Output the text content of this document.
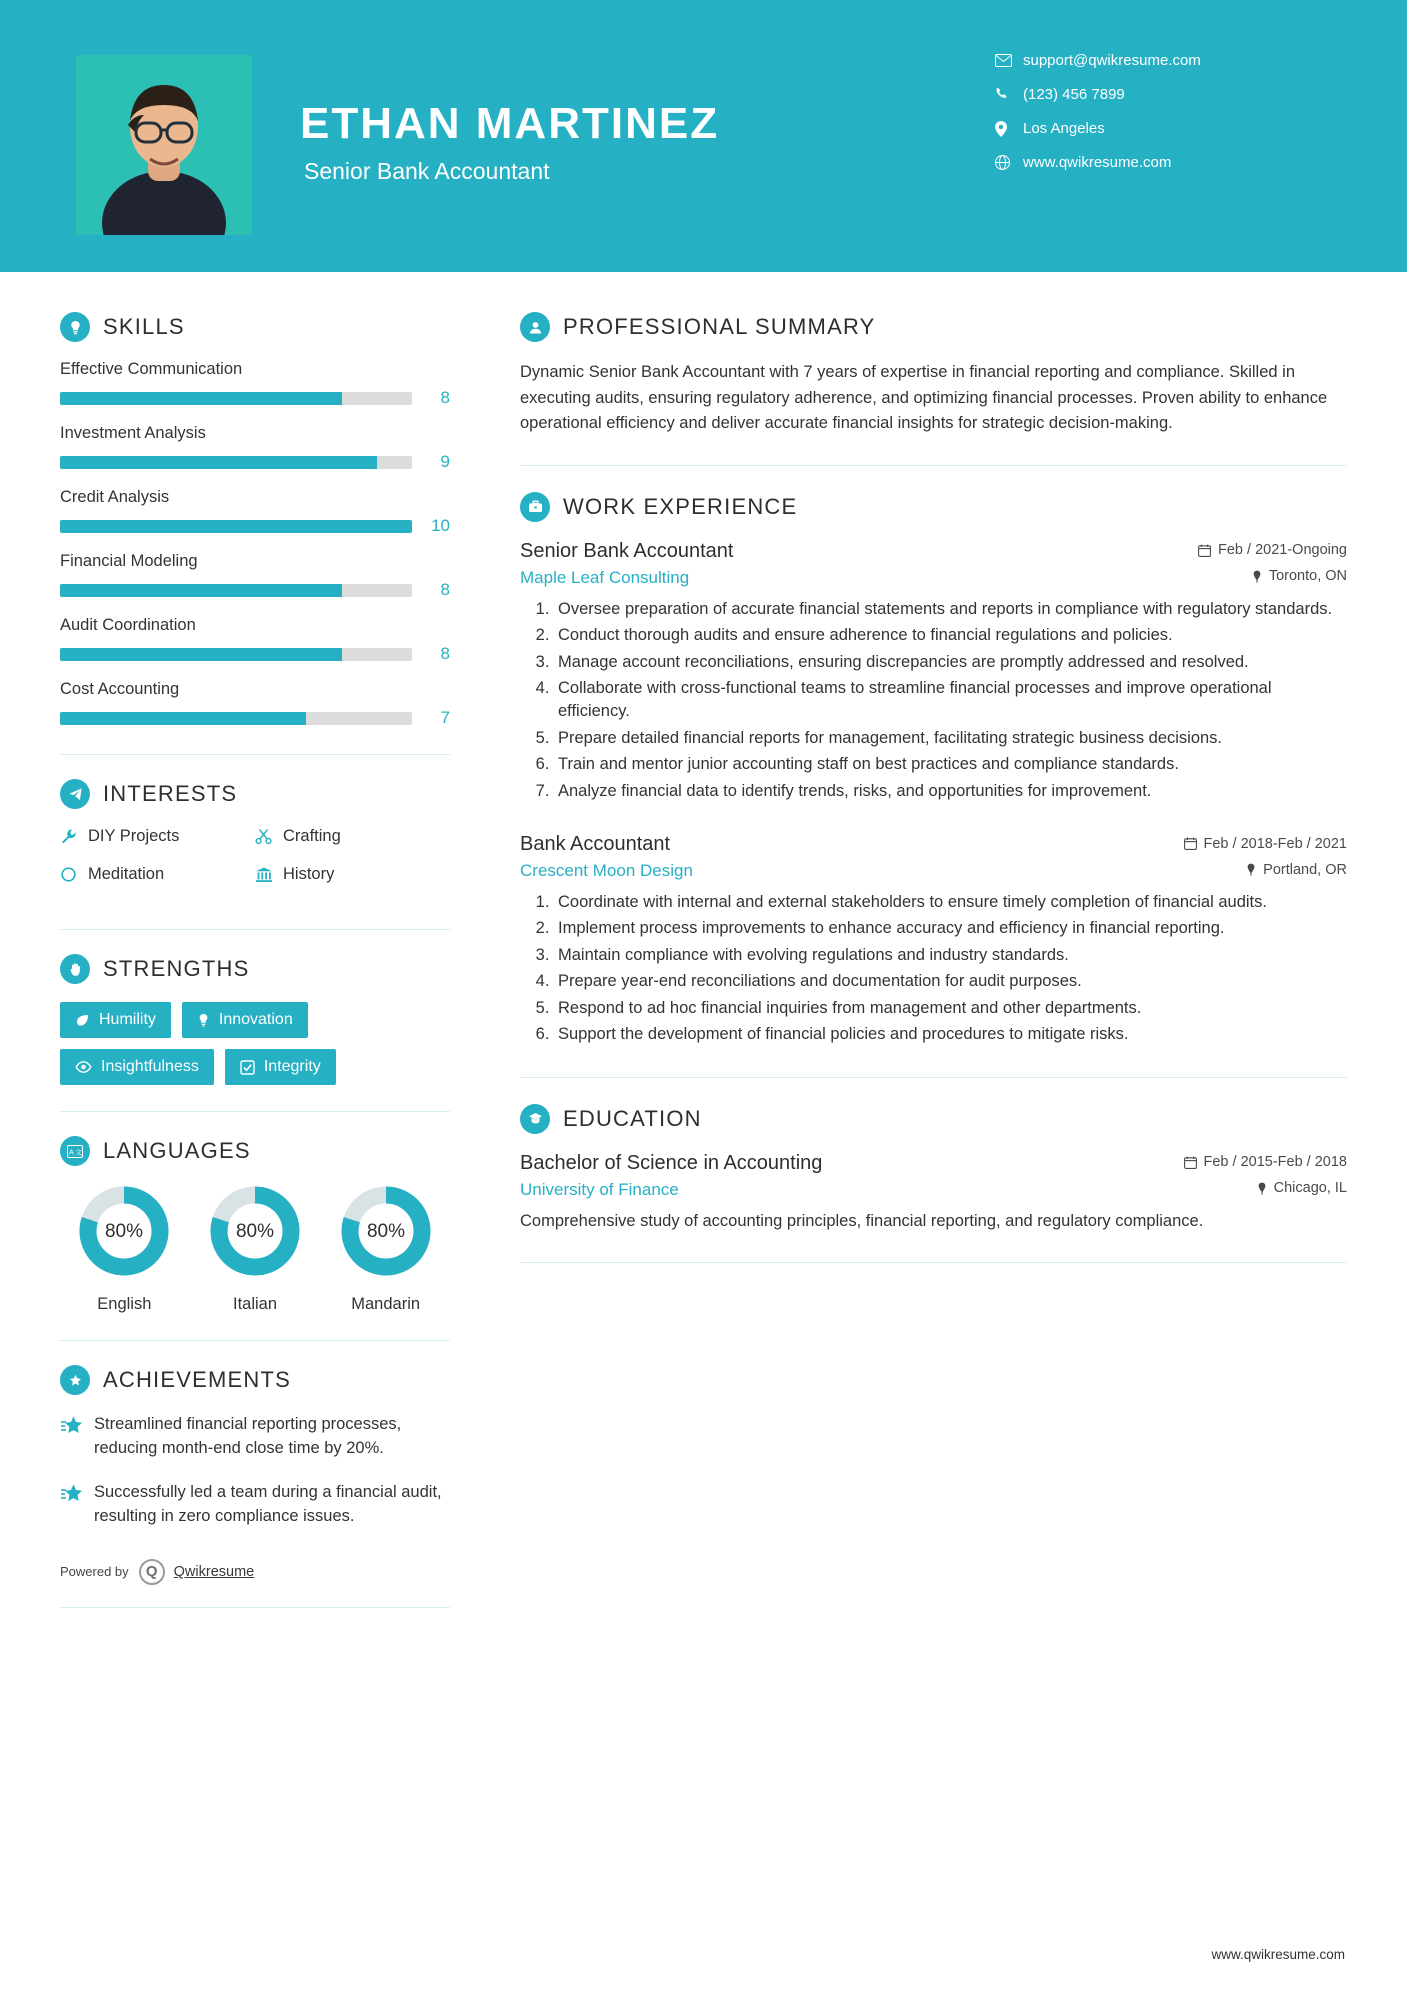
ETHAN MARTINEZ
Senior Bank Accountant
support@qwikresume.com
(123) 456 7899
Los Angeles
www.qwikresume.com
SKILLS
Effective Communication
8
Investment Analysis
9
Credit Analysis
10
Financial Modeling
8
Audit Coordination
8
Cost Accounting
7
INTERESTS
DIY Projects	Crafting
Meditation	History
STRENGTHS
Humility	Innovation
Insightfulness	Integrity
A 文 LANGUAGES
80%
English
80%
Italian
80%
Mandarin
ACHIEVEMENTS
Streamlined financial reporting processes, reducing month-end close time by 20%.
Successfully led a team during a financial audit, resulting in zero compliance issues.
Powered by	Q	Qwikresume
PROFESSIONAL SUMMARY

Dynamic Senior Bank Accountant with 7 years of expertise in financial reporting and compliance. Skilled in executing audits, ensuring regulatory adherence, and optimizing financial processes. Proven ability to enhance operational efficiency and deliver accurate financial insights for strategic decision-making.

WORK EXPERIENCE
Senior Bank Accountant	Feb / 2021-Ongoing
Maple Leaf Consulting	Toronto, ON
1. Oversee preparation of accurate financial statements and reports in compliance with regulatory standards.
2. Conduct thorough audits and ensure adherence to financial regulations and policies.
3. Manage account reconciliations, ensuring discrepancies are promptly addressed and resolved.
4. Collaborate with cross-functional teams to streamline financial processes and improve operational efficiency.
5. Prepare detailed financial reports for management, facilitating strategic business decisions.
6. Train and mentor junior accounting staff on best practices and compliance standards.
7. Analyze financial data to identify trends, risks, and opportunities for improvement.
Bank Accountant	Feb / 2018-Feb / 2021
Crescent Moon Design	Portland, OR
1. Coordinate with internal and external stakeholders to ensure timely completion of financial audits.
2. Implement process improvements to enhance accuracy and efficiency in financial reporting.
3. Maintain compliance with evolving regulations and industry standards.
4. Prepare year-end reconciliations and documentation for audit purposes.
5. Respond to ad hoc financial inquiries from management and other departments.
6. Support the development of financial policies and procedures to mitigate risks.
EDUCATION
Bachelor of Science in Accounting	Feb / 2015-Feb / 2018
University of Finance	Chicago, IL
Comprehensive study of accounting principles, financial reporting, and regulatory compliance.
www.qwikresume.com
